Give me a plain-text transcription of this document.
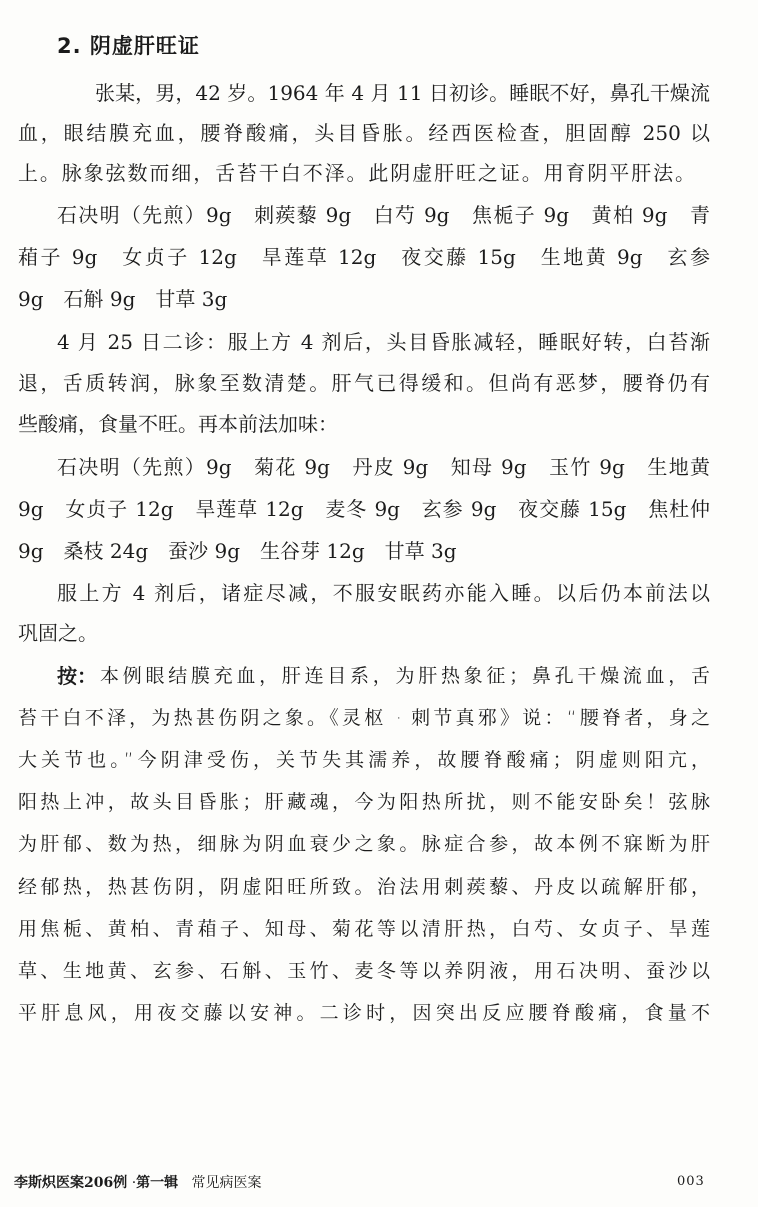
2. 阴虚肝旺证
张某，男，42 岁。1964 年 4 月 11 日初诊。睡眠不好，鼻孔干燥流
血，眼结膜充血，腰脊酸痛，头目昏胀。经西医检查，胆固醇 250 以
上。脉象弦数而细，舌苔干白不泽。此阴虚肝旺之证。用育阴平肝法。
石决明（先煎）9g　刺蒺藜 9g　白芍 9g　焦栀子 9g　黄柏 9g　青
葙子 9g　女贞子 12g　旱莲草 12g　夜交藤 15g　生地黄 9g　玄参
9g　石斛 9g　甘草 3g
4 月 25 日二诊：服上方 4 剂后，头目昏胀减轻，睡眠好转，白苔渐
退，舌质转润，脉象至数清楚。肝气已得缓和。但尚有恶梦，腰脊仍有
些酸痛，食量不旺。再本前法加味：
石决明（先煎）9g　菊花 9g　丹皮 9g　知母 9g　玉竹 9g　生地黄
9g　女贞子 12g　旱莲草 12g　麦冬 9g　玄参 9g　夜交藤 15g　焦杜仲
9g　桑枝 24g　蚕沙 9g　生谷芽 12g　甘草 3g
服上方 4 剂后，诸症尽减，不服安眠药亦能入睡。以后仍本前法以
巩固之。
按： 本例眼结膜充血，肝连目系，为肝热象征；鼻孔干燥流血，舌
苔干白不泽，为热甚伤阴之象。《灵枢 · 刺节真邪》说：“腰脊者，身之
大关节也。”今阴津受伤，关节失其濡养，故腰脊酸痛；阴虚则阳亢，
阳热上冲，故头目昏胀；肝藏魂，今为阳热所扰，则不能安卧矣！弦脉
为肝郁、数为热，细脉为阴血衰少之象。脉症合参，故本例不寐断为肝
经郁热，热甚伤阴，阴虚阳旺所致。治法用刺蒺藜、丹皮以疏解肝郁，
用焦栀、黄柏、青葙子、知母、菊花等以清肝热，白芍、女贞子、旱莲
草、生地黄、玄参、石斛、玉竹、麦冬等以养阴液，用石决明、蚕沙以
平肝息风，用夜交藤以安神。二诊时，因突出反应腰脊酸痛，食量不
李斯炽医案206例 ·第一辑 常见病医案	003
